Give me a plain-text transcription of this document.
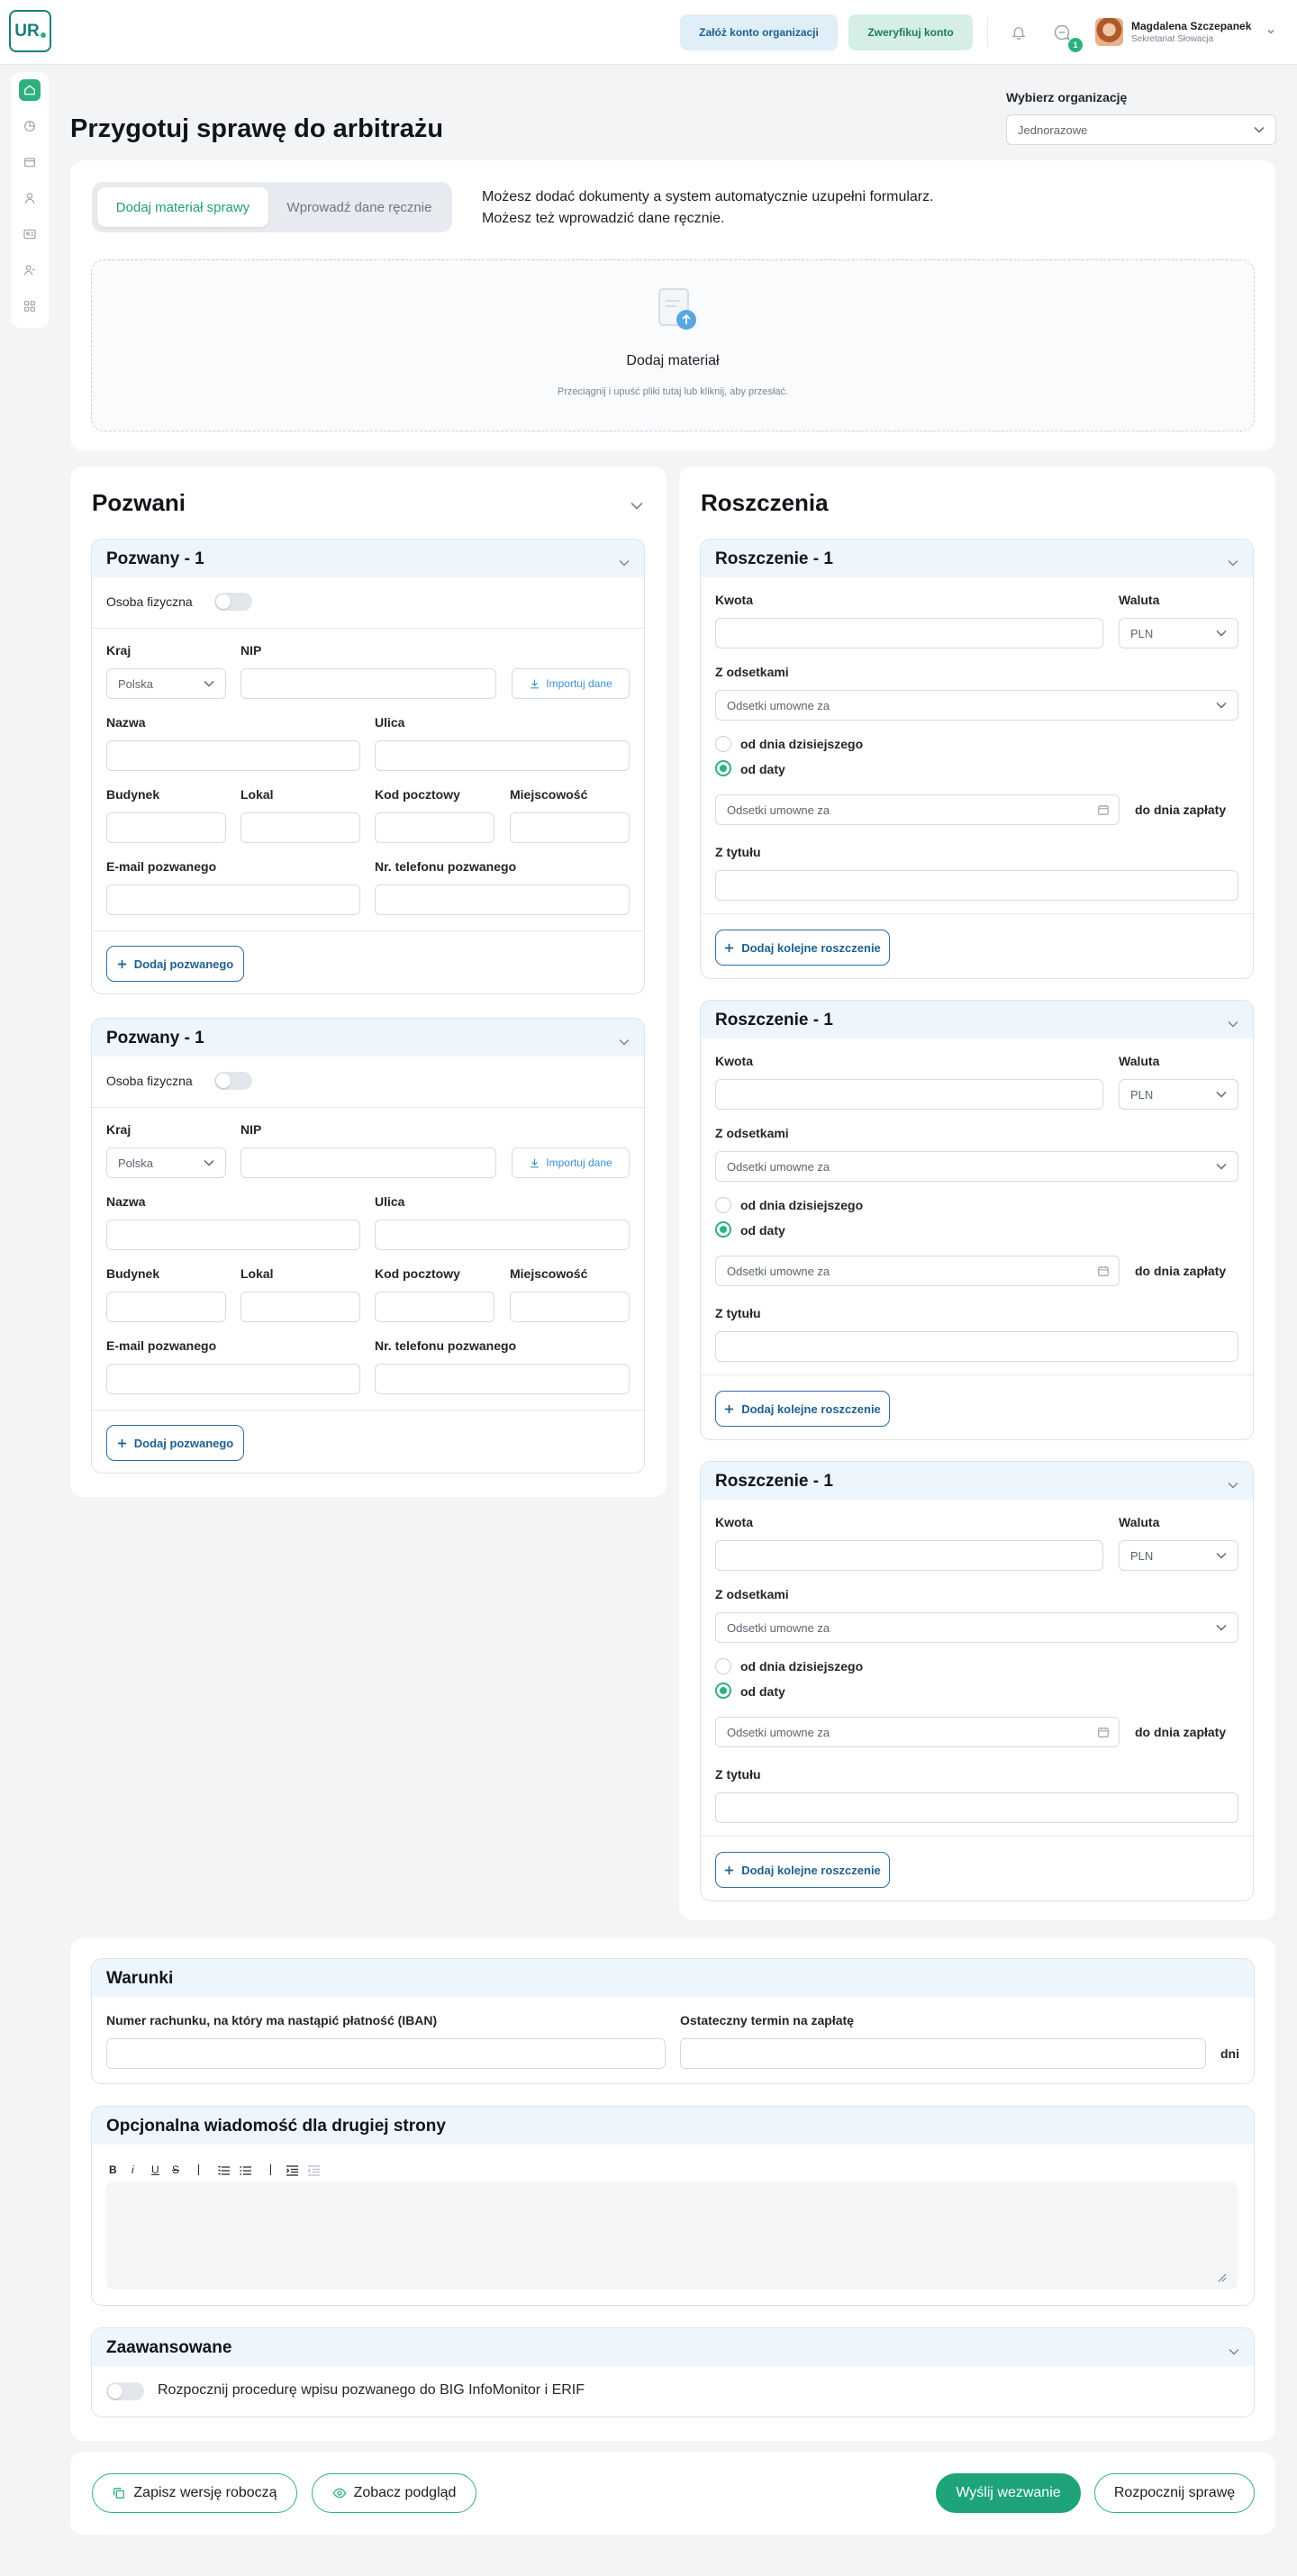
UR	Załóż konto organizacji	Zweryfikuj konto
1
Magdalena Szczepanek
Sekretariat Słowacja
Przygotuj sprawę do arbitrażu
Wybierz organizację
Jednorazowe
Dodaj materiał sprawy	Wprowadź dane ręcznie
Możesz dodać dokumenty a system automatycznie uzupełni formularz.
Możesz też wprowadzić dane ręcznie.
Dodaj materiał
Przeciągnij i upuść pliki tutaj lub kliknij, aby przesłać.
Pozwani
Pozwany - 1
Osoba fizyczna
Kraj
Polska
NIP
Importuj dane
Nazwa	Ulica
Budynek	Lokal	Kod pocztowy	Miejscowość
E-mail pozwanego	Nr. telefonu pozwanego
Dodaj pozwanego
Pozwany - 1
Osoba fizyczna
Kraj
Polska
NIP
Importuj dane
Nazwa	Ulica
Budynek	Lokal	Kod pocztowy	Miejscowość
E-mail pozwanego	Nr. telefonu pozwanego
Dodaj pozwanego
Roszczenia
Roszczenie - 1
Kwota	Waluta
PLN
Z odsetkami
Odsetki umowne za
od dnia dzisiejszego
od daty
Odsetki umowne za	do dnia zapłaty
Z tytułu
Dodaj kolejne roszczenie
Roszczenie - 1
Kwota	Waluta
PLN
Z odsetkami
Odsetki umowne za
od dnia dzisiejszego
od daty
Odsetki umowne za	do dnia zapłaty
Z tytułu
Dodaj kolejne roszczenie
Roszczenie - 1
Kwota	Waluta
PLN
Z odsetkami
Odsetki umowne za
od dnia dzisiejszego
od daty
Odsetki umowne za	do dnia zapłaty
Z tytułu
Dodaj kolejne roszczenie
Warunki
Numer rachunku, na który ma nastąpić płatność (IBAN)	Ostateczny termin na zapłatę
dni
Opcjonalna wiadomość dla drugiej strony
B i U S
Zaawansowane
Rozpocznij procedurę wpisu pozwanego do BIG InfoMonitor i ERIF
Zapisz wersję roboczą	Zobacz podgląd	Wyślij wezwanie	Rozpocznij sprawę
